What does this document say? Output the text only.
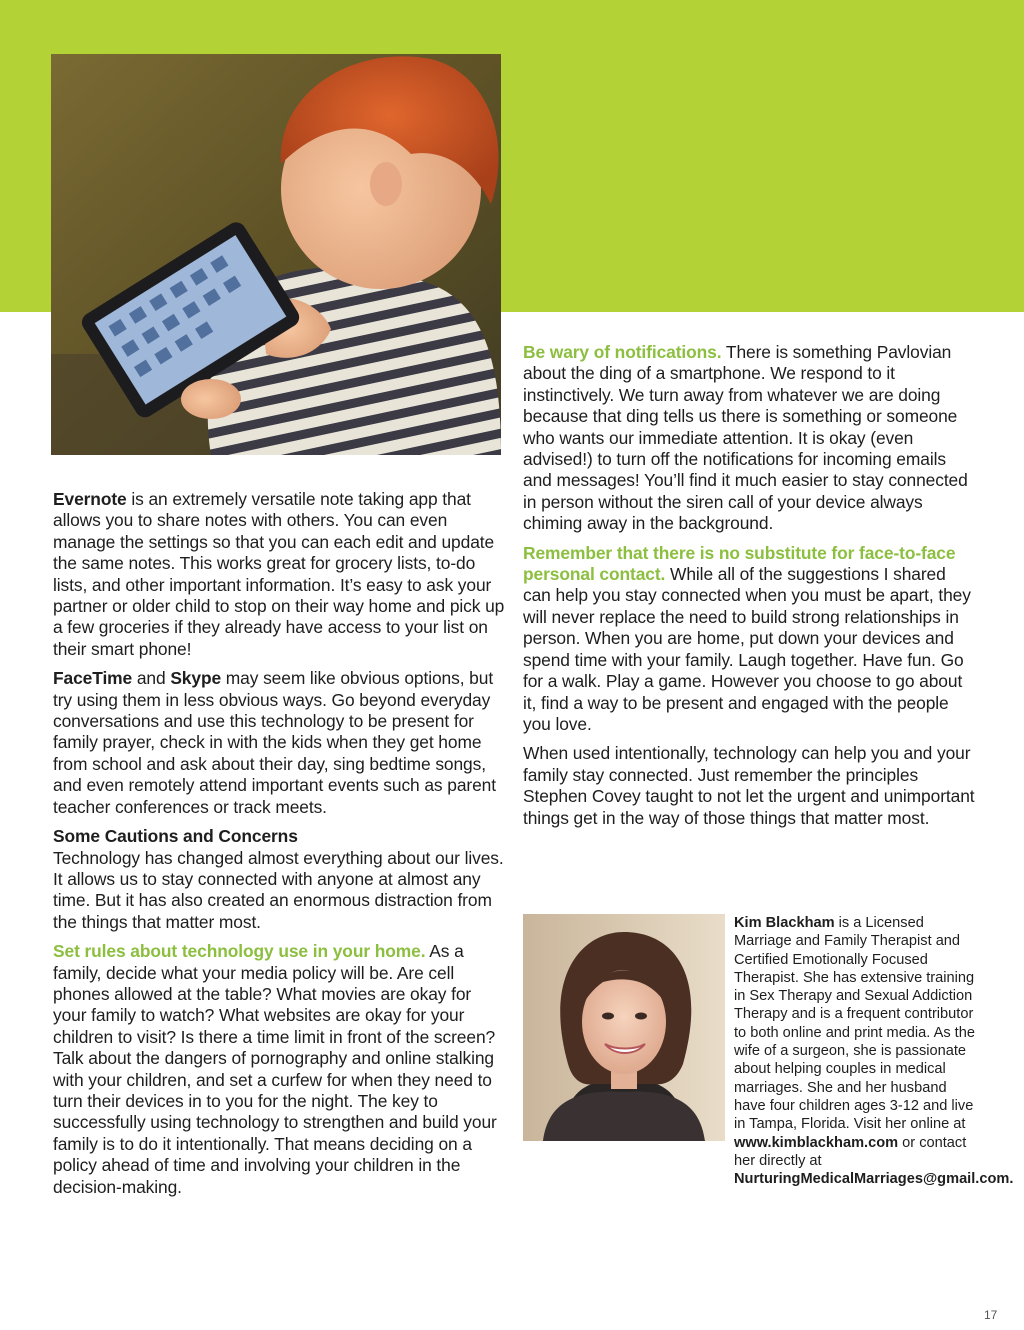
Evernote is an extremely versatile note taking app that allows you to share notes with others. You can even manage the settings so that you can each edit and update the same notes. This works great for grocery lists, to-do lists, and other important information. It’s easy to ask your partner or older child to stop on their way home and pick up a few groceries if they already have access to your list on their smart phone!

FaceTime and Skype may seem like obvious options, but try using them in less obvious ways. Go beyond everyday conversations and use this technology to be present for family prayer, check in with the kids when they get home from school and ask about their day, sing bedtime songs, and even remotely attend important events such as parent teacher conferences or track meets.

Some Cautions and Concerns
Technology has changed almost everything about our lives. It allows us to stay connected with anyone at almost any time. But it has also created an enormous distraction from the things that matter most.

Set rules about technology use in your home. As a family, decide what your media policy will be. Are cell phones allowed at the table? What movies are okay for your family to watch? What websites are okay for your children to visit? Is there a time limit in front of the screen? Talk about the dangers of pornography and online stalking with your children, and set a curfew for when they need to turn their devices in to you for the night. The key to successfully using technology to strengthen and build your family is to do it intentionally. That means deciding on a policy ahead of time and involving your children in the decision-making.

Be wary of notifications. There is something Pavlovian about the ding of a smartphone. We respond to it instinctively. We turn away from whatever we are doing because that ding tells us there is something or someone who wants our immediate attention. It is okay (even advised!) to turn off the notifications for incoming emails and messages! You’ll find it much easier to stay connected in person without the siren call of your device always chiming away in the background.

Remember that there is no substitute for face-to-face personal contact. While all of the suggestions I shared can help you stay connected when you must be apart, they will never replace the need to build strong relationships in person. When you are home, put down your devices and spend time with your family. Laugh together. Have fun. Go for a walk. Play a game. However you choose to go about it, find a way to be present and engaged with the people you love.

When used intentionally, technology can help you and your family stay connected. Just remember the principles Stephen Covey taught to not let the urgent and unimportant things get in the way of those things that matter most.

Kim Blackham is a Licensed Marriage and Family Therapist and Certified Emotionally Focused Therapist. She has extensive training in Sex Therapy and Sexual Addiction Therapy and is a frequent contributor to both online and print media. As the wife of a surgeon, she is passionate about helping couples in medical marriages. She and her husband have four children ages 3-12 and live in Tampa, Florida. Visit her online at www.kimblackham.com or contact her directly at NurturingMedicalMarriages@gmail.com.

17
